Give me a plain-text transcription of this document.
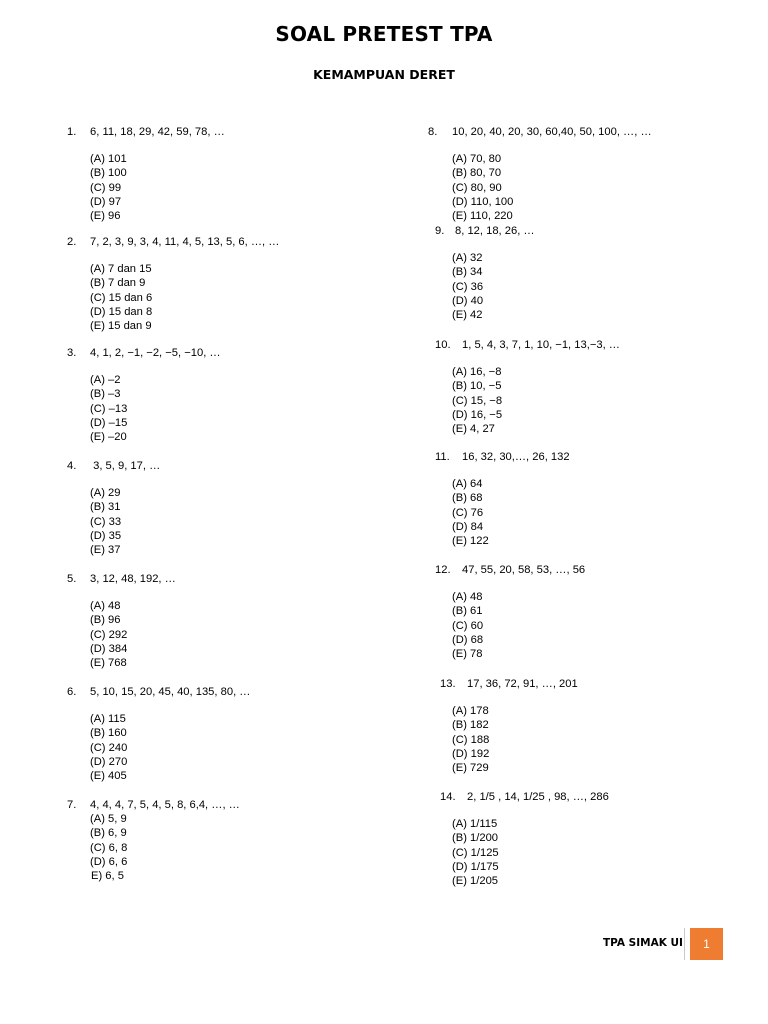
SOAL PRETEST TPA
KEMAMPUAN DERET
1.	6, 11, 18, 29, 42, 59, 78, …
(A) 101
(B) 100
(C) 99
(D) 97
(E) 96
2.	7, 2, 3, 9, 3, 4, 11, 4, 5, 13, 5, 6, …, …
(A) 7 dan 15
(B) 7 dan 9
(C) 15 dan 6
(D) 15 dan 8
(E) 15 dan 9
3.	4, 1, 2, −1, −2, −5, −10, …
(A) –2
(B) –3
(C) –13
(D) –15
(E) –20
4.	3, 5, 9, 17, …
(A) 29
(B) 31
(C) 33
(D) 35
(E) 37
5.	3, 12, 48, 192, …
(A) 48
(B) 96
(C) 292
(D) 384
(E) 768
6.	5, 10, 15, 20, 45, 40, 135, 80, …
(A) 115
(B) 160
(C) 240
(D) 270
(E) 405
7.	4, 4, 4, 7, 5, 4, 5, 8, 6,4, …, …
(A) 5, 9
(B) 6, 9
(C) 6, 8
(D) 6, 6
E) 6, 5
8.	10, 20, 40, 20, 30, 60,40, 50, 100, …, …
(A) 70, 80
(B) 80, 70
(C) 80, 90
(D) 110, 100
(E) 110, 220
9. 8, 12, 18, 26, …
(A) 32
(B) 34
(C) 36
(D) 40
(E) 42
10.	1, 5, 4, 3, 7, 1, 10, −1, 13,−3, …
(A) 16, −8
(B) 10, −5
(C) 15, −8
(D) 16, −5
(E) 4, 27
11.	16, 32, 30,…, 26, 132
(A) 64
(B) 68
(C) 76
(D) 84
(E) 122
12.	47, 55, 20, 58, 53, …, 56
(A) 48
(B) 61
(C) 60
(D) 68
(E) 78
13.	17, 36, 72, 91, …, 201
(A) 178
(B) 182
(C) 188
(D) 192
(E) 729
14.	2, 1/5 , 14, 1/25 , 98, …, 286
(A) 1/115
(B) 1/200
(C) 1/125
(D) 1/175
(E) 1/205
TPA SIMAK UI 1
